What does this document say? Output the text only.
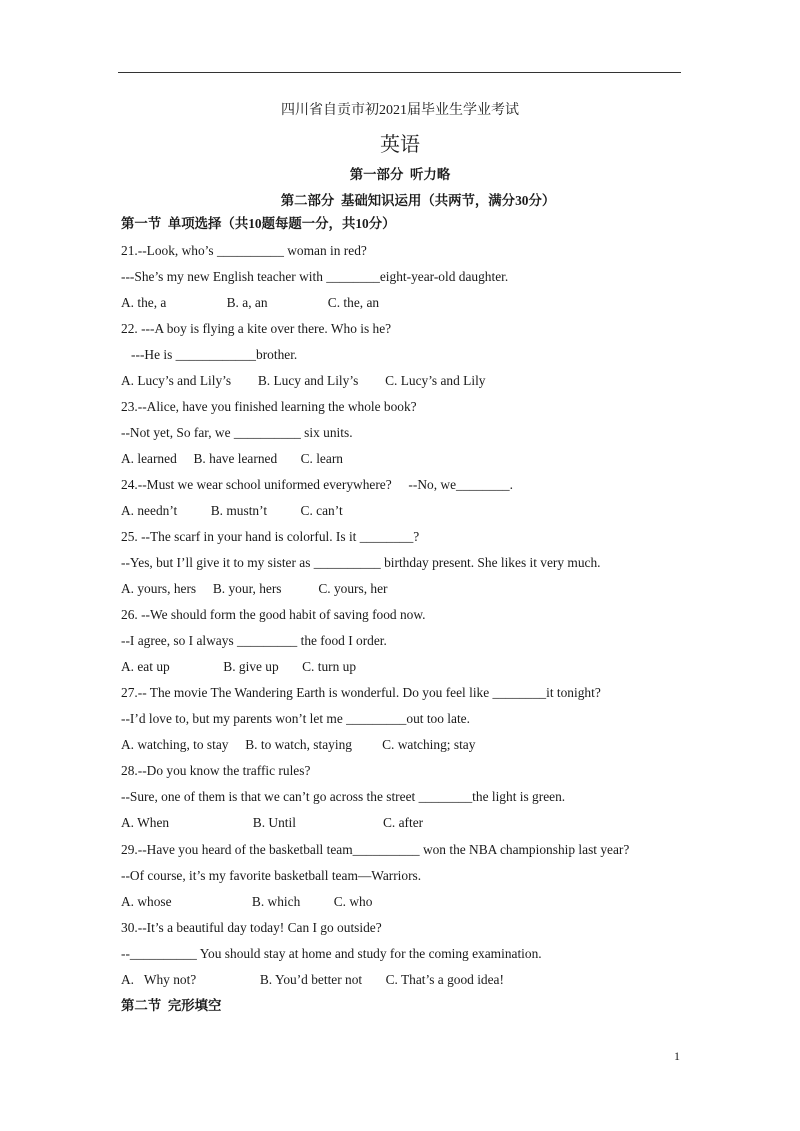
四川省自贡市初2021届毕业生学业考试
英语
第一部分  听力略
第二部分  基础知识运用（共两节，满分30分）
第一节  单项选择（共10题每题一分，共10分）
21.--Look, who’s __________ woman in red?
---She’s my new English teacher with ________eight-year-old daughter.
A. the, a                  B. a, an                  C. the, an
22. ---A boy is flying a kite over there. Who is he?
---He is ____________brother.
A. Lucy’s and Lily’s        B. Lucy and Lily’s        C. Lucy’s and Lily
23.--Alice, have you finished learning the whole book?
--Not yet, So far, we __________ six units.
A. learned     B. have learned       C. learn
24.--Must we wear school uniformed everywhere?     --No, we________.
A. needn’t          B. mustn’t          C. can’t
25. --The scarf in your hand is colorful. Is it ________?
--Yes, but I’ll give it to my sister as __________ birthday present. She likes it very much.
A. yours, hers     B. your, hers           C. yours, her
26. --We should form the good habit of saving food now.
--I agree, so I always _________ the food I order.
A. eat up                B. give up       C. turn up
27.-- The movie The Wandering Earth is wonderful. Do you feel like ________it tonight?
--I’d love to, but my parents won’t let me _________out too late.
A. watching, to stay     B. to watch, staying         C. watching; stay
28.--Do you know the traffic rules?
--Sure, one of them is that we can’t go across the street ________the light is green.
A. When                         B. Until                          C. after
29.--Have you heard of the basketball team__________ won the NBA championship last year?
--Of course, it’s my favorite basketball team—Warriors.
A. whose                        B. which          C. who
30.--It’s a beautiful day today! Can I go outside?
--__________ You should stay at home and study for the coming examination.
A.   Why not?                   B. You’d better not       C. That’s a good idea!
第二节  完形填空
1
